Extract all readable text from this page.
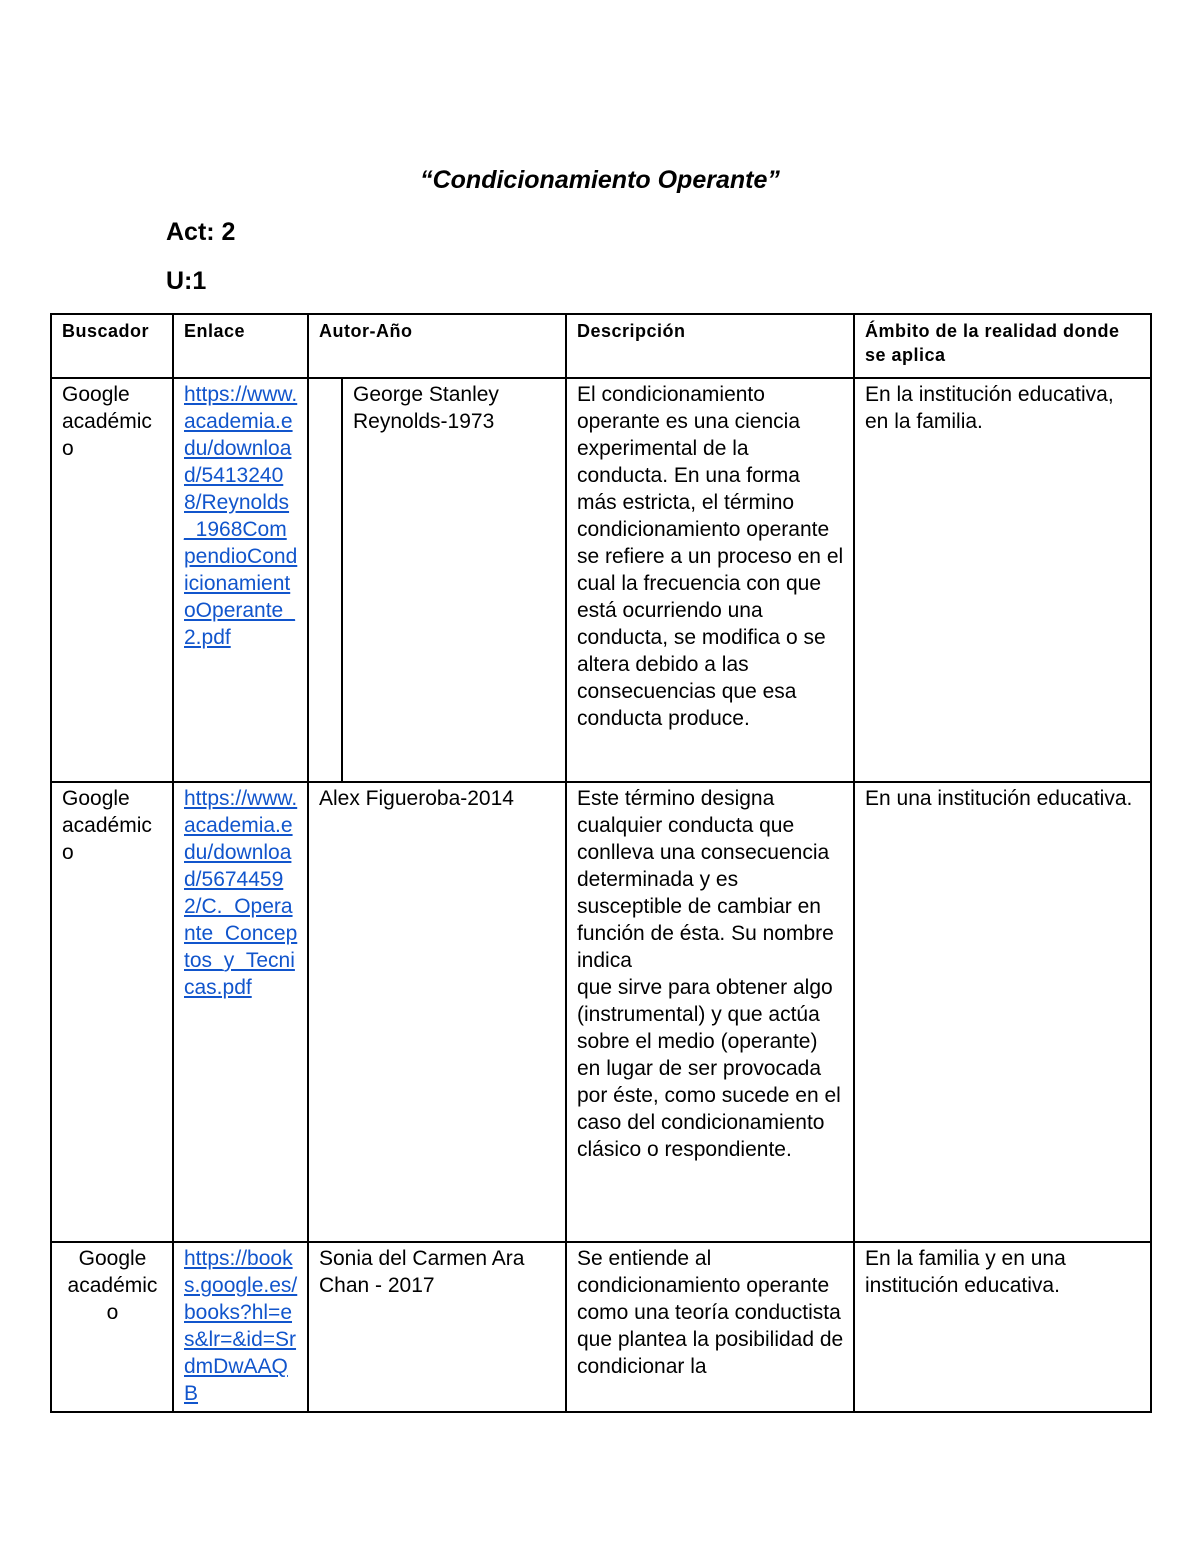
“Condicionamiento Operante”
Act: 2
U:1
Buscador	Enlace	Autor-Año	Descripción	Ámbito de la realidad donde se aplica

Google académico	https://www.academia.edu/download/54132408/Reynolds_1968CompendioCondicionamientoOperante_2.pdf	George Stanley Reynolds-1973	El condicionamiento operante es una ciencia experimental de la conducta. En una forma más estricta, el término condicionamiento operante se refiere a un proceso en el cual la frecuencia con que está ocurriendo una conducta, se modifica o se altera debido a las consecuencias que esa conducta produce.	En la institución educativa, en la familia.

Google académico	https://www.academia.edu/download/56744592/C._Operante_Conceptos_y_Tecnicas.pdf	Alex Figueroba-2014	Este término designa cualquier conducta que conlleva una consecuencia determinada y es susceptible de cambiar en función de ésta. Su nombre indica
que sirve para obtener algo (instrumental) y que actúa sobre el medio (operante)
en lugar de ser provocada por éste, como sucede en el caso del condicionamiento clásico o respondiente.	En una institución educativa.

Google académico	https://books.google.es/books?hl=es&lr=&id=SrdmDwAAQB	Sonia del Carmen Ara Chan - 2017	Se entiende al condicionamiento operante como una teoría conductista que plantea la posibilidad de condicionar la	En la familia y en una institución educativa.
